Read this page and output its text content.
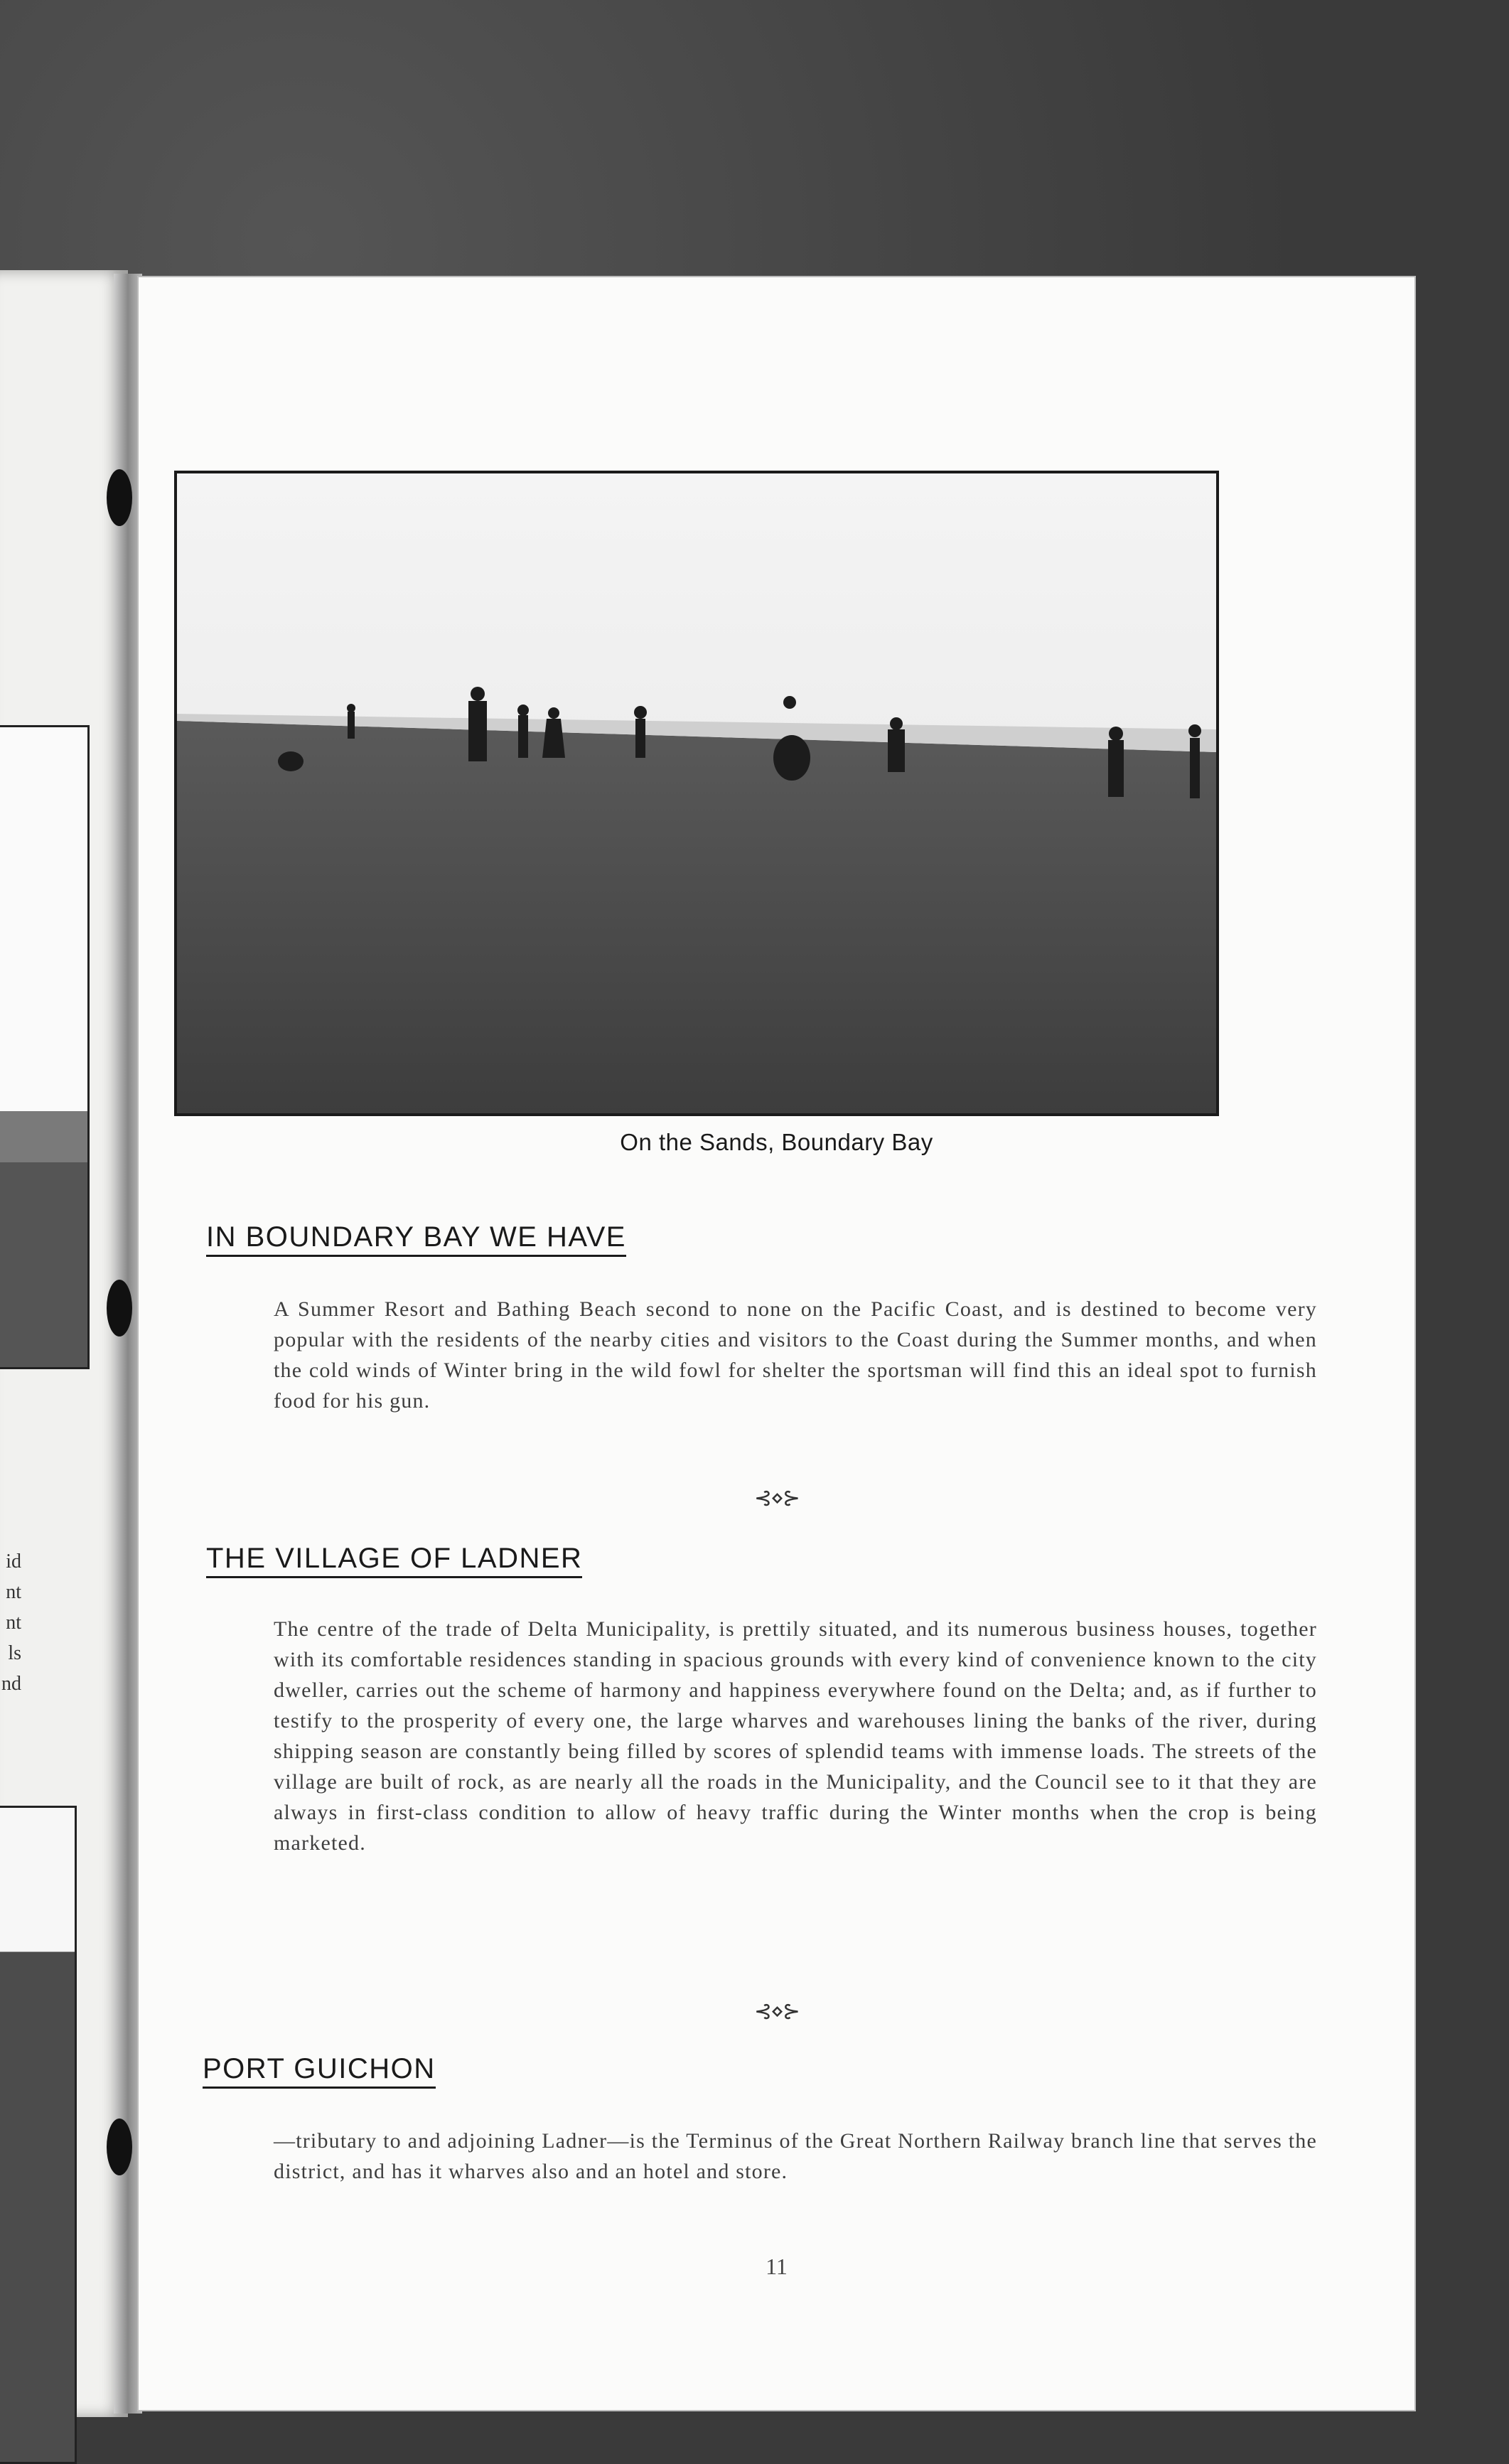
id
nt
nt
ls
nd
On the Sands, Boundary Bay
IN BOUNDARY BAY WE HAVE
A Summer Resort and Bathing Beach second to none on the Pacific Coast, and is destined to become very popular with the residents of the nearby cities and visitors to the Coast during the Summer months, and when the cold winds of Winter bring in the wild fowl for shelter the sportsman will find this an ideal spot to furnish food for his gun.
⊰⋄⊱
THE VILLAGE OF LADNER
The centre of the trade of Delta Municipality, is prettily situated, and its numerous business houses, together with its comfortable residences standing in spacious grounds with every kind of convenience known to the city dweller, carries out the scheme of harmony and happiness everywhere found on the Delta; and, as if further to testify to the prosperity of every one, the large wharves and warehouses lining the banks of the river, during shipping season are constantly being filled by scores of splendid teams with immense loads. The streets of the village are built of rock, as are nearly all the roads in the Municipality, and the Council see to it that they are always in first-class condition to allow of heavy traffic during the Winter months when the crop is being marketed.
⊰⋄⊱
PORT GUICHON
—tributary to and adjoining Ladner—is the Terminus of the Great Northern Railway branch line that serves the district, and has it wharves also and an hotel and store.
11
